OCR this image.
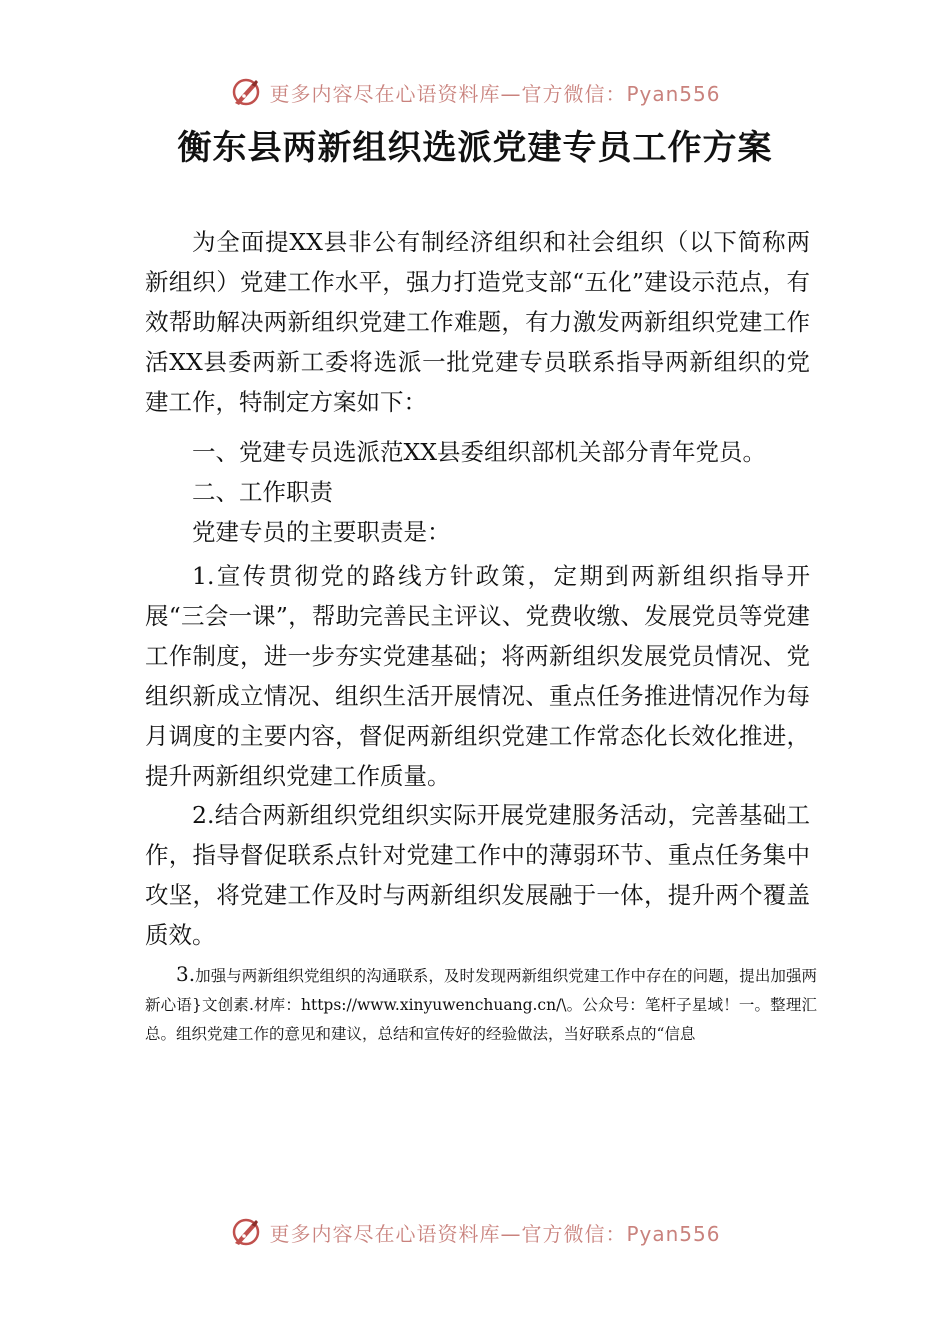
更多内容尽在心语资料库—官方微信：Pyan556
衡东县两新组织选派党建专员工作方案

为全面提XX县非公有制经济组织和社会组织（以下简称两新组织）党建工作水平，强力打造党支部“五化”建设示范点，有效帮助解决两新组织党建工作难题，有力激发两新组织党建工作活XX县委两新工委将选派一批党建专员联系指导两新组织的党建工作，特制定方案如下：

一、党建专员选派范XX县委组织部机关部分青年党员。

二、工作职责

党建专员的主要职责是：

1.宣传贯彻党的路线方针政策，定期到两新组织指导开展“三会一课”，帮助完善民主评议、党费收缴、发展党员等党建工作制度，进一步夯实党建基础；将两新组织发展党员情况、党组织新成立情况、组织生活开展情况、重点任务推进情况作为每月调度的主要内容，督促两新组织党建工作常态化长效化推进，提升两新组织党建工作质量。

2.结合两新组织党组织实际开展党建服务活动，完善基础工作，指导督促联系点针对党建工作中的薄弱环节、重点任务集中攻坚，将党建工作及时与两新组织发展融于一体，提升两个覆盖质效。

3.加强与两新组织党组织的沟通联系，及时发现两新组织党建工作中存在的问题，提出加强两新心语}文创素.材库：https://www.xinyuwenchuang.cn/\。公众号：笔杆子星域！一。整理汇总。组织党建工作的意见和建议，总结和宣传好的经验做法，当好联系点的“信息

更多内容尽在心语资料库—官方微信：Pyan556
